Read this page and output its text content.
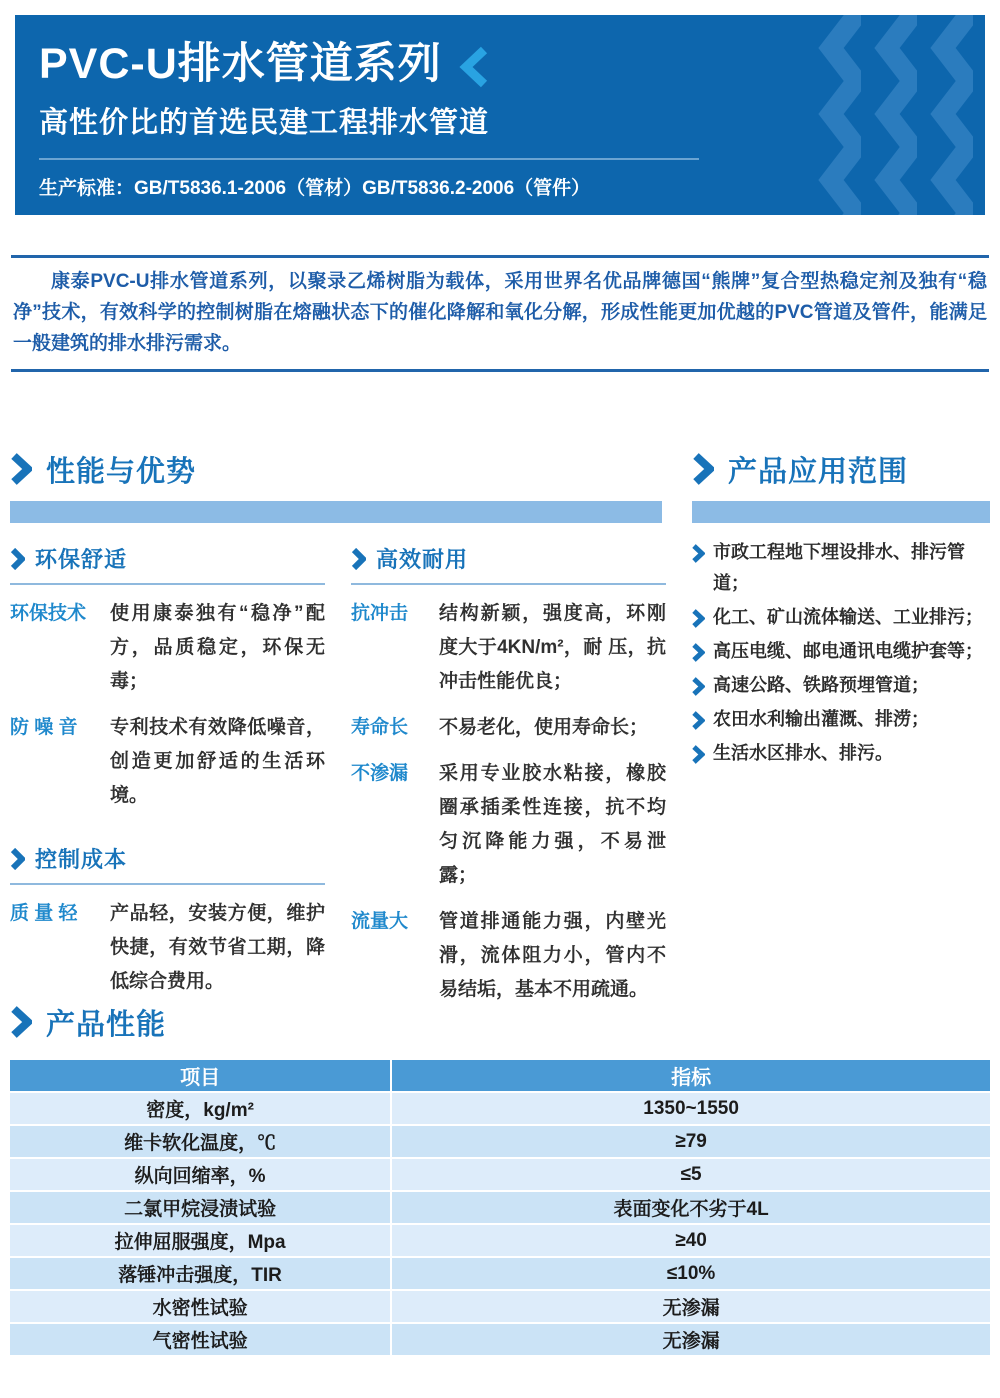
PVC-U排水管道系列
高性价比的首选民建工程排水管道

生产标准：GB/T5836.1-2006（管材）GB/T5836.2-2006（管件）

康泰PVC-U排水管道系列，以聚录乙烯树脂为载体，采用世界名优品牌德国“熊牌”复合型热稳定剂及独有“稳净”技术，有效科学的控制树脂在熔融状态下的催化降解和氧化分解，形成性能更加优越的PVC管道及管件，能满足一般建筑的排水排污需求。

性能与优势
环保舒适
环保技术	使用康泰独有“稳净”配方，品质稳定，环保无毒；
防 噪 音	专利技术有效降低噪音，创造更加舒适的生活环境。
控制成本
质 量 轻	产品轻，安装方便，维护快捷，有效节省工期，降低综合费用。
高效耐用
抗冲击	结构新颖，强度高，环刚度大于4KN/m²，耐 压，抗冲击性能优良；
寿命长	不易老化，使用寿命长；
不渗漏	采用专业胶水粘接，橡胶圈承插柔性连接，抗不均匀沉降能力强，不易泄露；
流量大	管道排通能力强，内壁光滑，流体阻力小，管内不易结垢，基本不用疏通。
产品应用范围
市政工程地下埋设排水、排污管道；
化工、矿山流体输送、工业排污；
高压电缆、邮电通讯电缆护套等；
高速公路、铁路预埋管道；
农田水利输出灌溉、排涝；
生活水区排水、排污。
产品性能
项目	指标
密度，kg/m²	1350~1550
维卡软化温度，℃	≥79
纵向回缩率，%	≤5
二氯甲烷浸渍试验	表面变化不劣于4L
拉伸屈服强度，Mpa	≥40
落锤冲击强度，TIR	≤10%
水密性试验	无渗漏
气密性试验	无渗漏
